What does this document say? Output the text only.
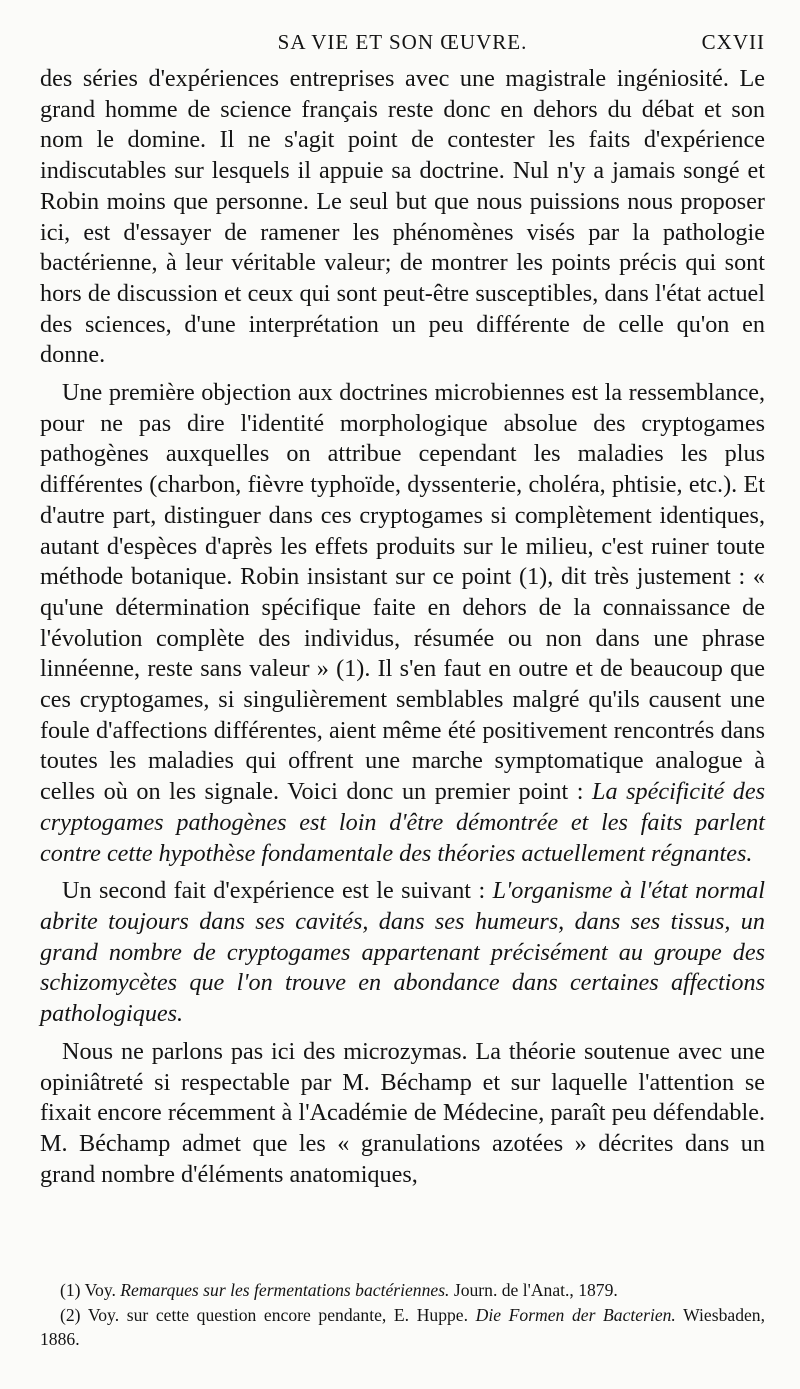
SA VIE ET SON ŒUVRE.	CXVII

des séries d'expériences entreprises avec une magistrale ingéniosité. Le grand homme de science français reste donc en dehors du débat et son nom le domine. Il ne s'agit point de contester les faits d'expérience indiscutables sur lesquels il appuie sa doctrine. Nul n'y a jamais songé et Robin moins que personne. Le seul but que nous puissions nous proposer ici, est d'essayer de ramener les phénomènes visés par la pathologie bactérienne, à leur véritable valeur; de montrer les points précis qui sont hors de discussion et ceux qui sont peut-être susceptibles, dans l'état actuel des sciences, d'une interprétation un peu différente de celle qu'on en donne.

Une première objection aux doctrines microbiennes est la ressemblance, pour ne pas dire l'identité morphologique absolue des cryptogames pathogènes auxquelles on attribue cependant les maladies les plus différentes (charbon, fièvre typhoïde, dyssenterie, choléra, phtisie, etc.). Et d'autre part, distinguer dans ces cryptogames si complètement identiques, autant d'espèces d'après les effets produits sur le milieu, c'est ruiner toute méthode botanique. Robin insistant sur ce point (1), dit très justement : « qu'une détermination spécifique faite en dehors de la connaissance de l'évolution complète des individus, résumée ou non dans une phrase linnéenne, reste sans valeur » (1). Il s'en faut en outre et de beaucoup que ces cryptogames, si singulièrement semblables malgré qu'ils causent une foule d'affections différentes, aient même été positivement rencontrés dans toutes les maladies qui offrent une marche symptomatique analogue à celles où on les signale. Voici donc un premier point : La spécificité des cryptogames pathogènes est loin d'être démontrée et les faits parlent contre cette hypothèse fondamentale des théories actuellement régnantes.

Un second fait d'expérience est le suivant : L'organisme à l'état normal abrite toujours dans ses cavités, dans ses humeurs, dans ses tissus, un grand nombre de cryptogames appartenant précisément au groupe des schizomycètes que l'on trouve en abondance dans certaines affections pathologiques.

Nous ne parlons pas ici des microzymas. La théorie soutenue avec une opiniâtreté si respectable par M. Béchamp et sur laquelle l'attention se fixait encore récemment à l'Académie de Médecine, paraît peu défendable. M. Béchamp admet que les « granulations azotées » décrites dans un grand nombre d'éléments anatomiques,

(1) Voy. Remarques sur les fermentations bactériennes. Journ. de l'Anat., 1879.

(2) Voy. sur cette question encore pendante, E. Huppe. Die Formen der Bacterien. Wiesbaden, 1886.
